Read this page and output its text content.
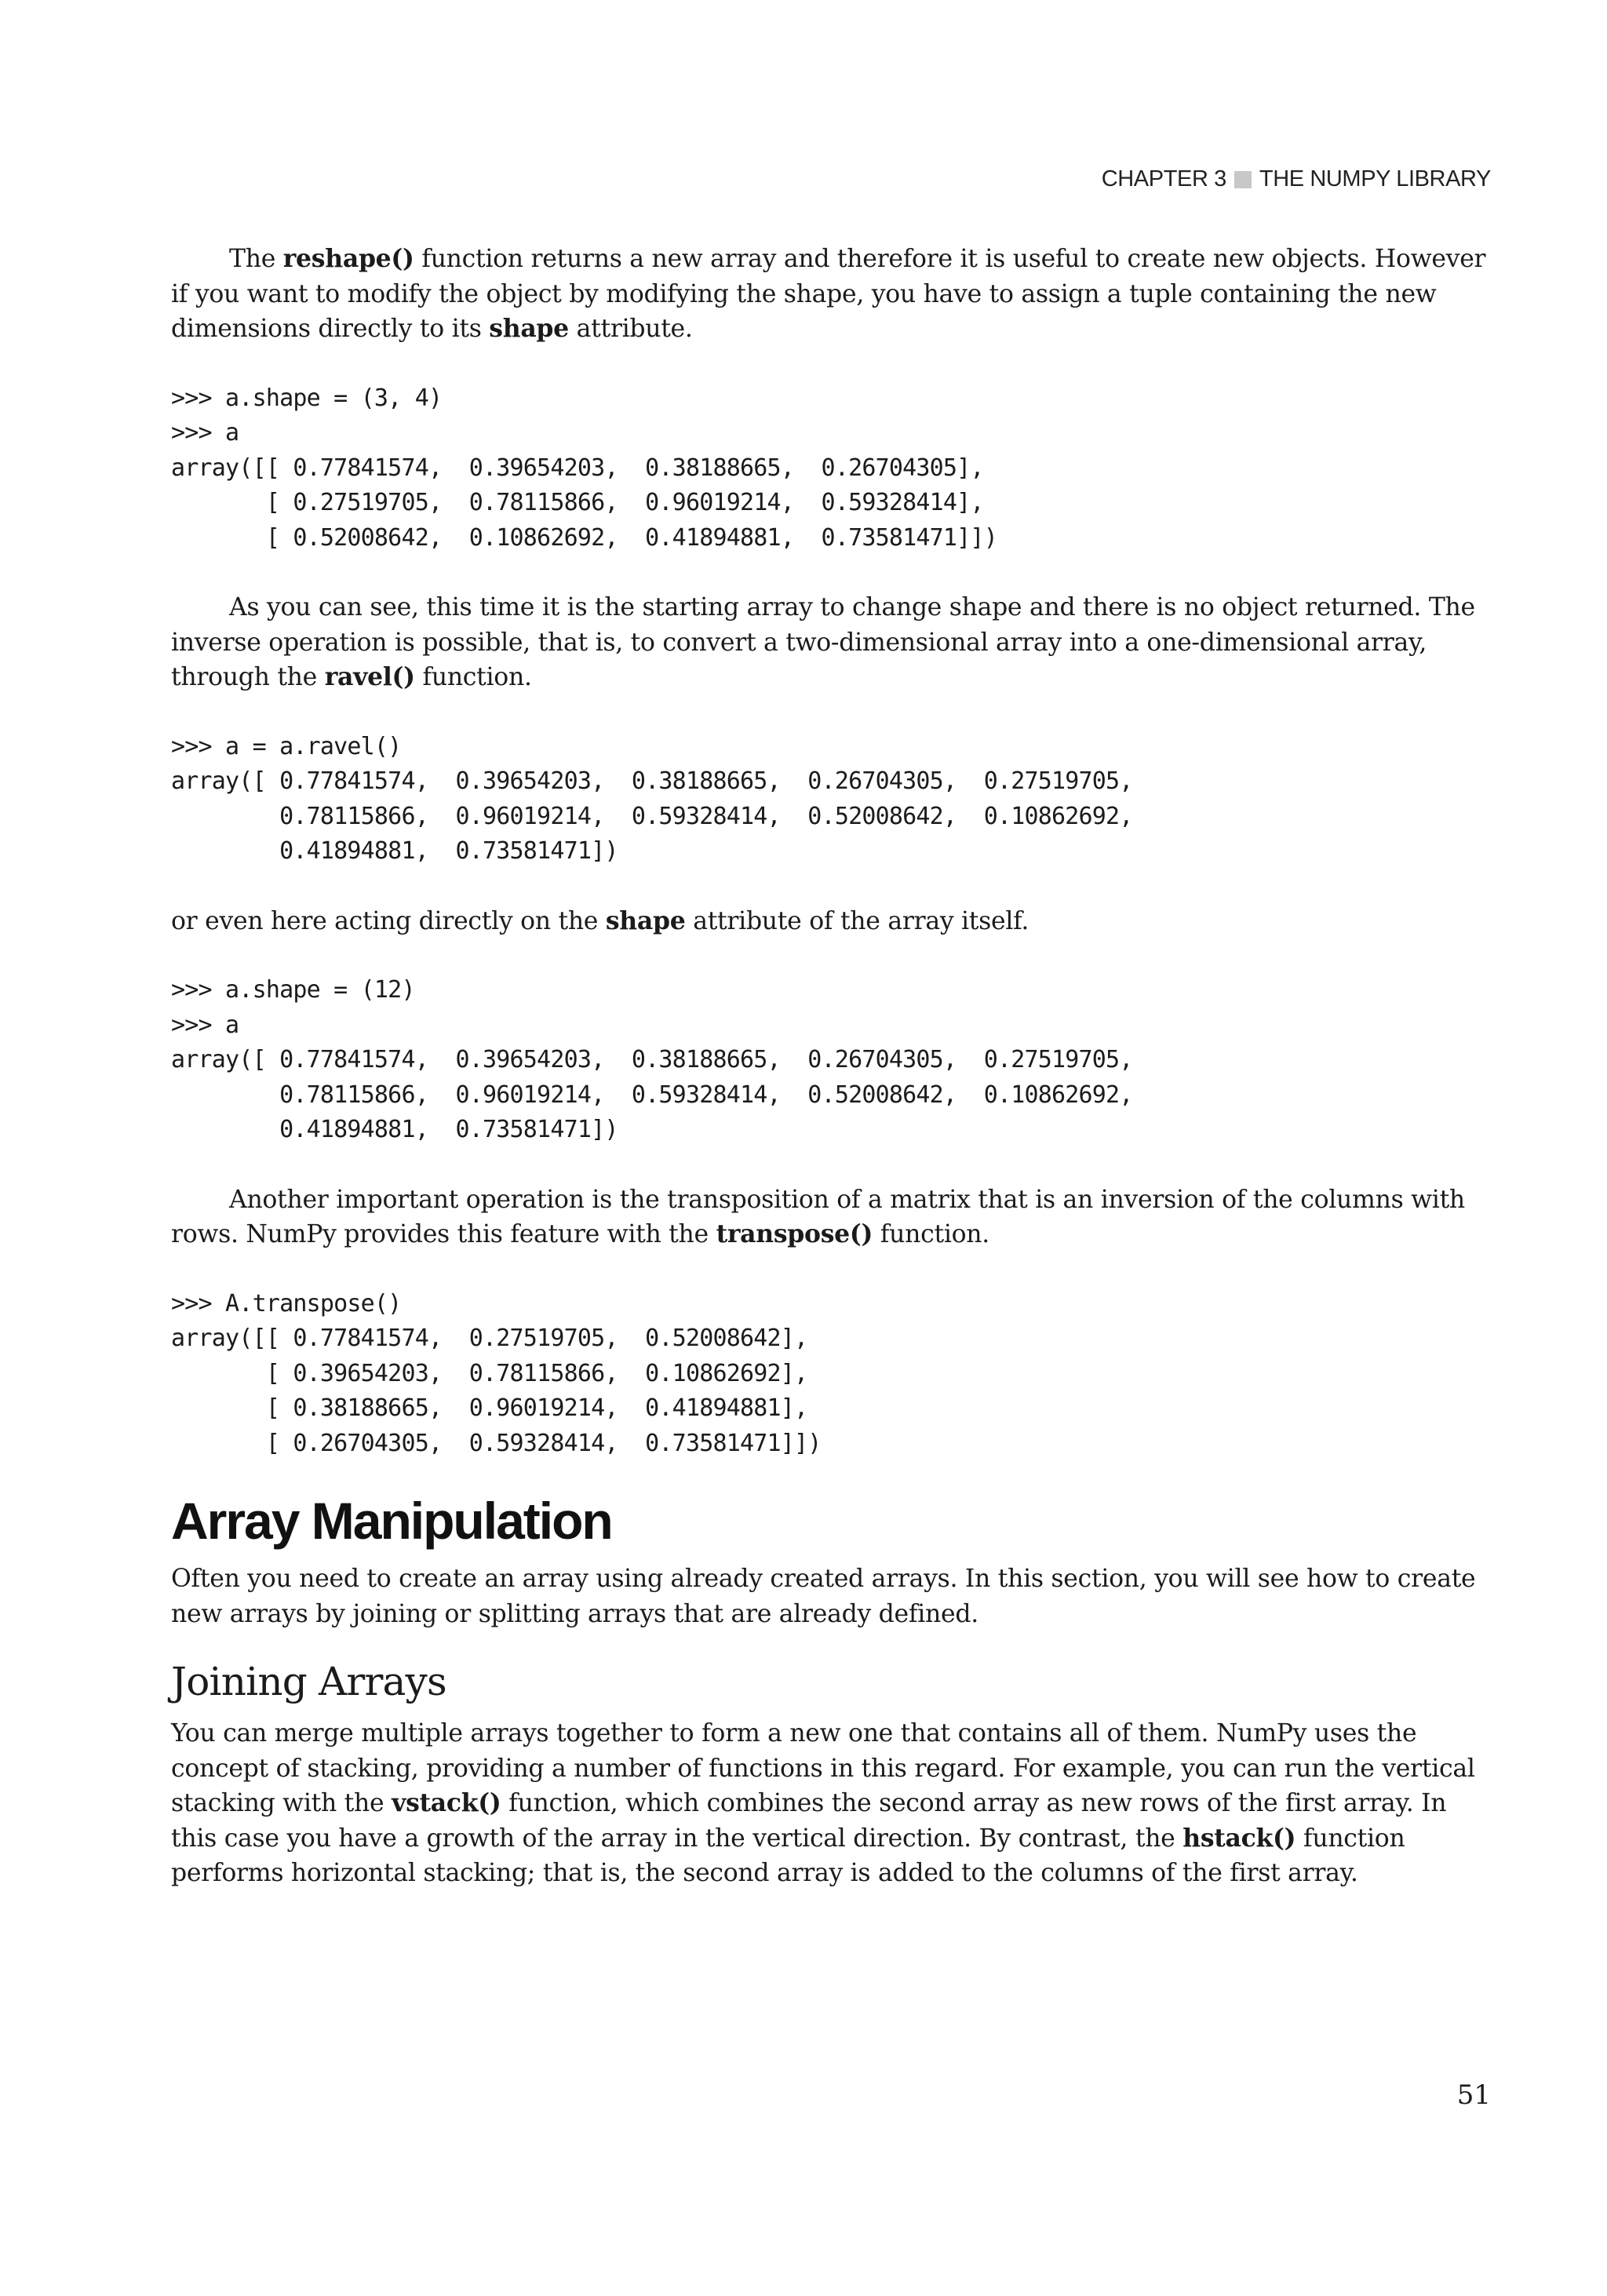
CHAPTER 3 THE NUMPY LIBRARY

The reshape() function returns a new array and therefore it is useful to create new objects. However if you want to modify the object by modifying the shape, you have to assign a tuple containing the new dimensions directly to its shape attribute.

>>> a.shape = (3, 4)
>>> a
array([[ 0.77841574,  0.39654203,  0.38188665,  0.26704305],
[ 0.27519705,  0.78115866,  0.96019214,  0.59328414],
[ 0.52008642,  0.10862692,  0.41894881,  0.73581471]])

As you can see, this time it is the starting array to change shape and there is no object returned. The inverse operation is possible, that is, to convert a two-dimensional array into a one-dimensional array, through the ravel() function.

>>> a = a.ravel()
array([ 0.77841574,  0.39654203,  0.38188665,  0.26704305,  0.27519705,
0.78115866,  0.96019214,  0.59328414,  0.52008642,  0.10862692,
0.41894881,  0.73581471])

or even here acting directly on the shape attribute of the array itself.

>>> a.shape = (12)
>>> a
array([ 0.77841574,  0.39654203,  0.38188665,  0.26704305,  0.27519705,
0.78115866,  0.96019214,  0.59328414,  0.52008642,  0.10862692,
0.41894881,  0.73581471])

Another important operation is the transposition of a matrix that is an inversion of the columns with rows. NumPy provides this feature with the transpose() function.

>>> A.transpose()
array([[ 0.77841574,  0.27519705,  0.52008642],
[ 0.39654203,  0.78115866,  0.10862692],
[ 0.38188665,  0.96019214,  0.41894881],
[ 0.26704305,  0.59328414,  0.73581471]])
Array Manipulation

Often you need to create an array using already created arrays. In this section, you will see how to create new arrays by joining or splitting arrays that are already defined.

Joining Arrays

You can merge multiple arrays together to form a new one that contains all of them. NumPy uses the concept of stacking, providing a number of functions in this regard. For example, you can run the vertical stacking with the vstack() function, which combines the second array as new rows of the first array. In this case you have a growth of the array in the vertical direction. By contrast, the hstack() function performs horizontal stacking; that is, the second array is added to the columns of the first array.

51
